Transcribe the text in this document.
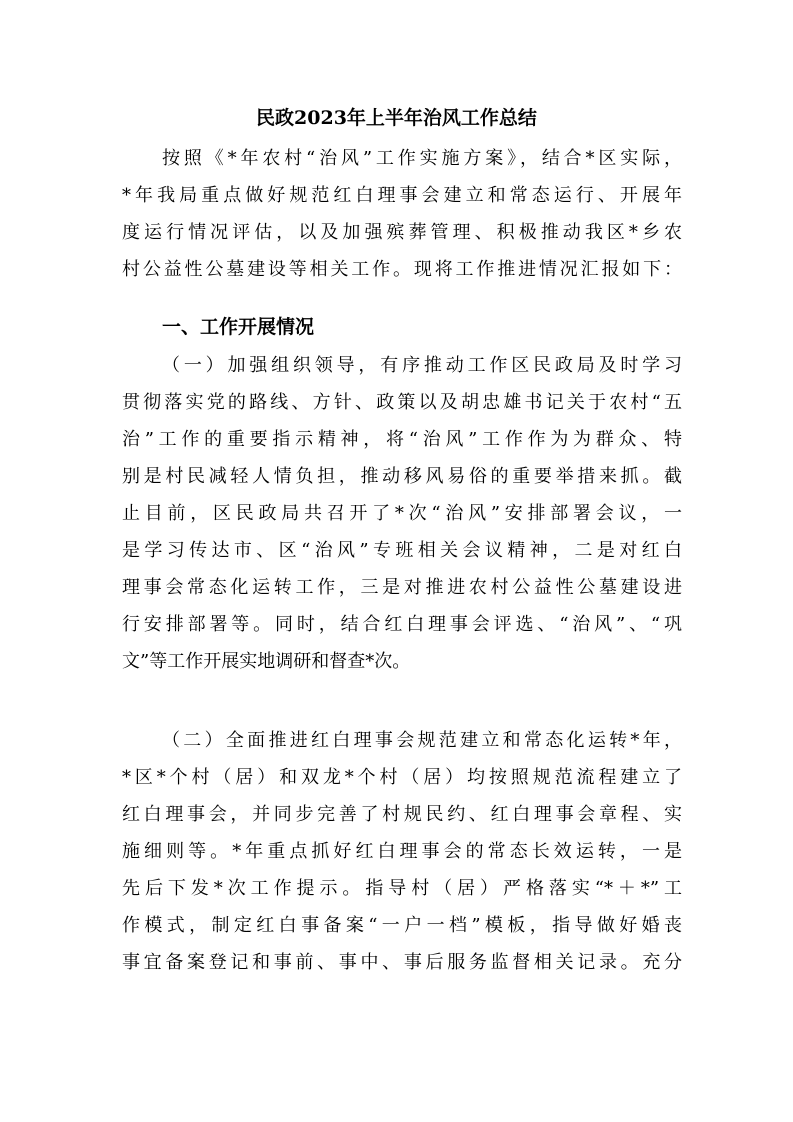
民政2023年上半年治风工作总结
按照《*年农村“治风”工作实施方案》，结合*区实际，
*年我局重点做好规范红白理事会建立和常态运行、开展年
度运行情况评估，以及加强殡葬管理、积极推动我区*乡农
村公益性公墓建设等相关工作。现将工作推进情况汇报如下：
一、工作开展情况
（一）加强组织领导，有序推动工作区民政局及时学习
贯彻落实党的路线、方针、政策以及胡忠雄书记关于农村“五
治”工作的重要指示精神，将“治风”工作作为为群众、特
别是村民减轻人情负担，推动移风易俗的重要举措来抓。截
止目前，区民政局共召开了*次“治风”安排部署会议，一
是学习传达市、区“治风”专班相关会议精神，二是对红白
理事会常态化运转工作，三是对推进农村公益性公墓建设进
行安排部署等。同时，结合红白理事会评选、“治风”、“巩
文”等工作开展实地调研和督查*次。
（二）全面推进红白理事会规范建立和常态化运转*年，
*区*个村（居）和双龙*个村（居）均按照规范流程建立了
红白理事会，并同步完善了村规民约、红白理事会章程、实
施细则等。*年重点抓好红白理事会的常态长效运转，一是
先后下发*次工作提示。指导村（居）严格落实“*＋*”工
作模式，制定红白事备案“一户一档”模板，指导做好婚丧
事宜备案登记和事前、事中、事后服务监督相关记录。充分
